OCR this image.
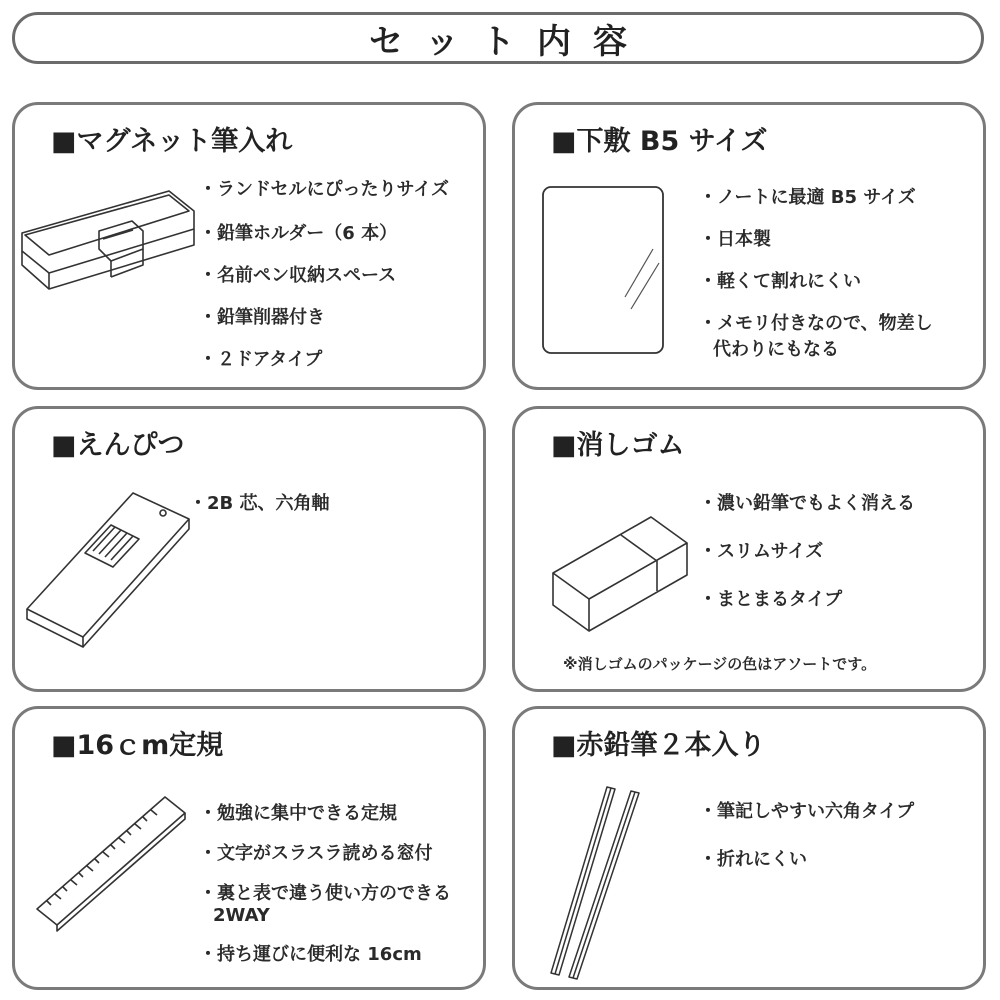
セット内容
■マグネット筆入れ
・ランドセルにぴったりサイズ
・鉛筆ホルダー（6 本）
・名前ペン収納スペース
・鉛筆削器付き
・２ドアタイプ
■下敷 B5 サイズ
・ノートに最適 B5 サイズ
・日本製
・軽くて割れにくい
・メモリ付きなので、物差し
代わりにもなる
■えんぴつ
・2B 芯、六角軸
■消しゴム
・濃い鉛筆でもよく消える
・スリムサイズ
・まとまるタイプ
※消しゴムのパッケージの色はアソートです。
■16ｃm定規
・勉強に集中できる定規
・文字がスラスラ読める窓付
・裏と表で違う使い方のできる
2WAY
・持ち運びに便利な 16cm
■赤鉛筆２本入り
・筆記しやすい六角タイプ
・折れにくい
